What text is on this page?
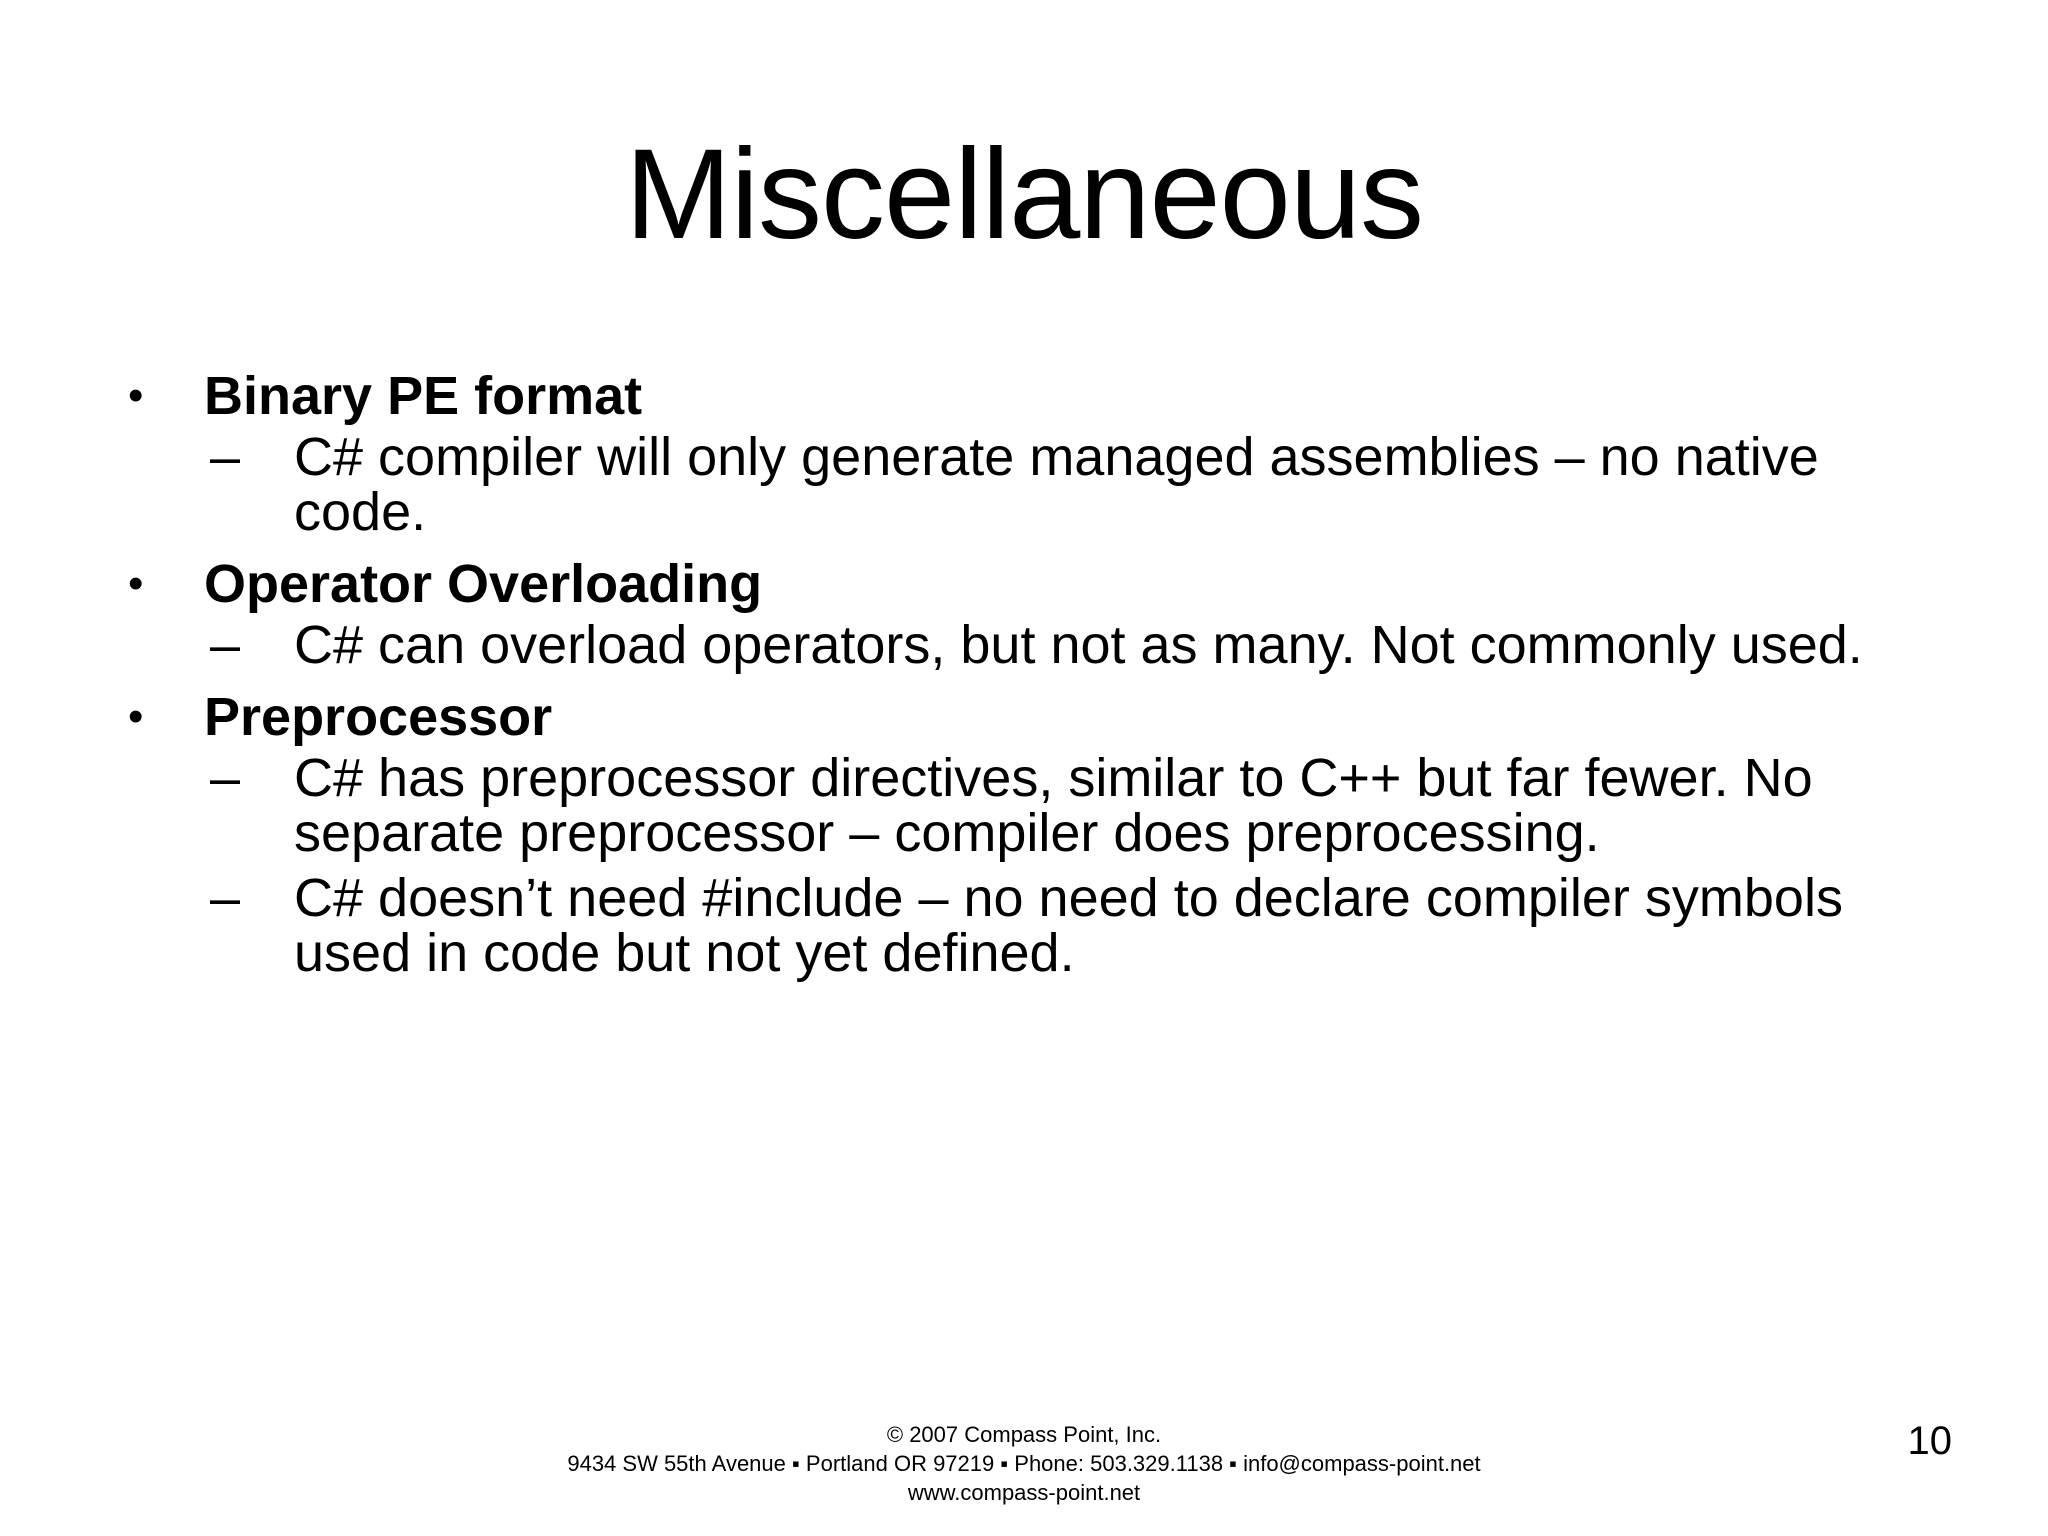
Miscellaneous
• Binary PE format
– C# compiler will only generate managed assemblies – no native code.
• Operator Overloading
– C# can overload operators, but not as many. Not commonly used.
• Preprocessor
– C# has preprocessor directives, similar to C++ but far fewer. No separate preprocessor – compiler does preprocessing.
– C# doesn’t need #include – no need to declare compiler symbols used in code but not yet defined.
© 2007 Compass Point, Inc.
9434 SW 55th Avenue ▪ Portland OR 97219 ▪ Phone: 503.329.1138 ▪ info@compass-point.net
www.compass-point.net
10
